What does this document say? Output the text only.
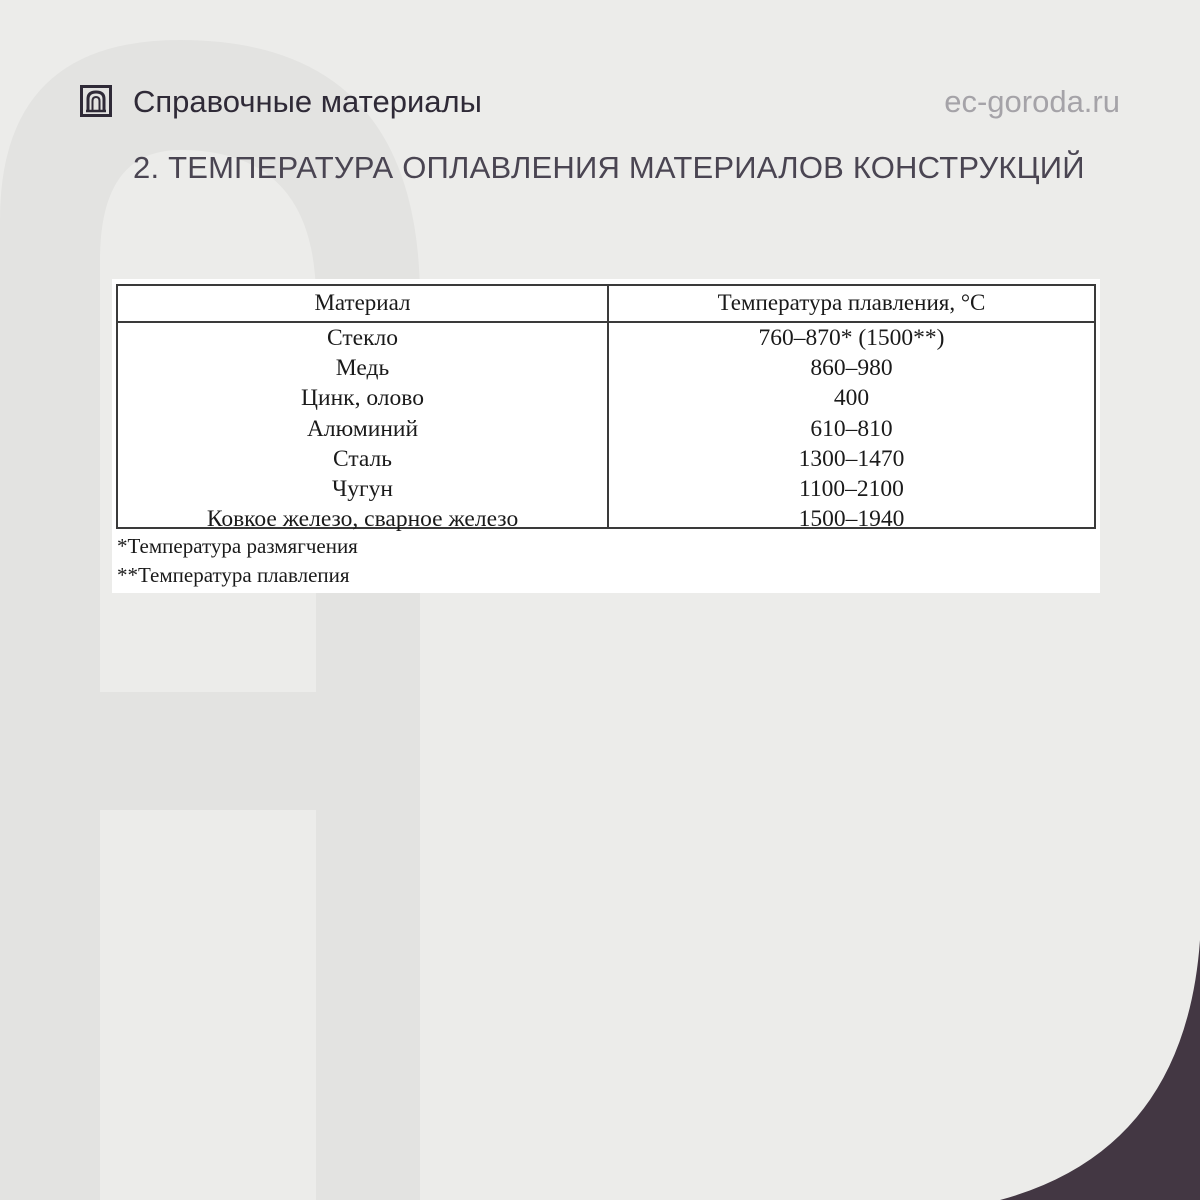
Справочные материалы	ec-goroda.ru
2. ТЕМПЕРАТУРА ОПЛАВЛЕНИЯ МАТЕРИАЛОВ КОНСТРУКЦИЙ
Материал	Температура плавления, °С
Стекло	760–870* (1500**)
Медь	860–980
Цинк, олово	400
Алюминий	610–810
Сталь	1300–1470
Чугун	1100–2100
Ковкое железо, сварное железо	1500–1940
*Температура размягчения
**Температура плавлепия
